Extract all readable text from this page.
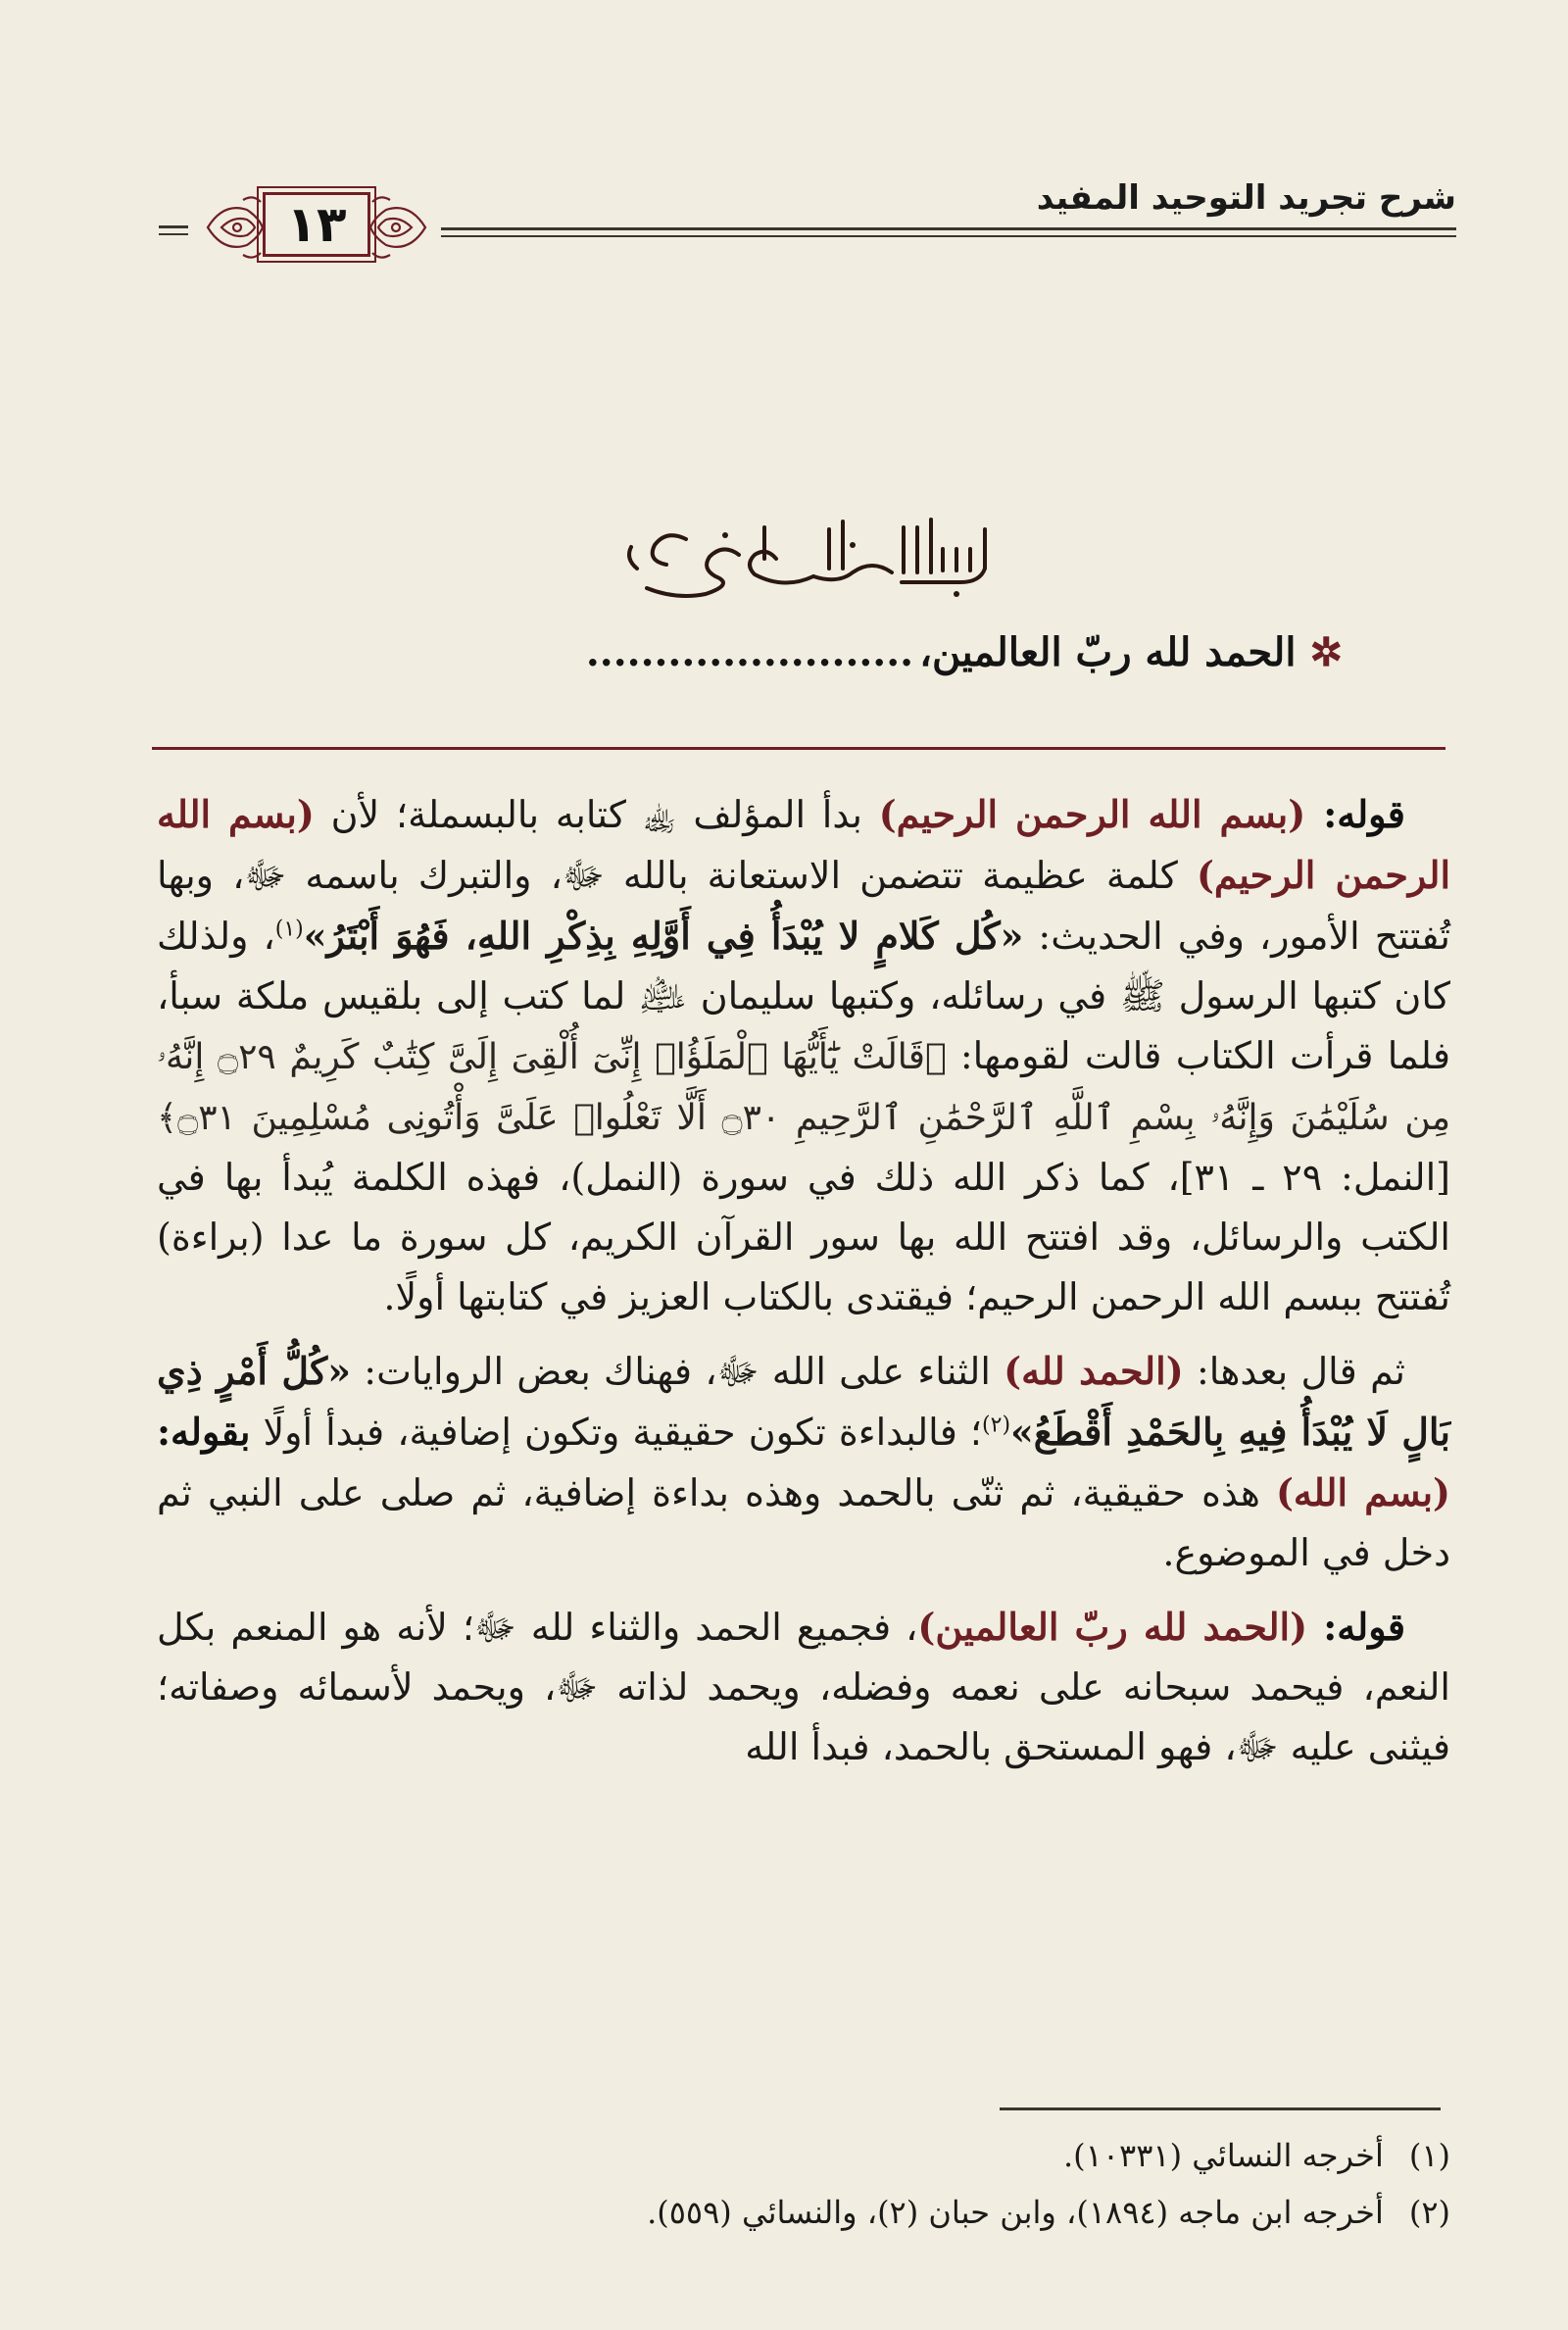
شرح تجريد التوحيد المفيد
١٣
✲الحمد لله ربّ العالمين،........................

قوله: (بسم الله الرحمن الرحيم) بدأ المؤلف ﵀ كتابه بالبسملة؛ لأن (بسم الله الرحمن الرحيم) كلمة عظيمة تتضمن الاستعانة بالله ﷻ، والتبرك باسمه ﷻ، وبها تُفتتح الأمور، وفي الحديث: «كُل كَلامٍ لا يُبْدَأُ فِي أَوَّلِهِ بِذِكْرِ اللهِ، فَهُوَ أَبْتَرُ»$^{(١)}$، ولذلك كان كتبها الرسول ﷺ في رسائله، وكتبها سليمان ﵇ لما كتب إلى بلقيس ملكة سبأ، فلما قرأت الكتاب قالت لقومها: ﴿قَالَتْ يَٰٓأَيُّهَا ٱلْمَلَؤُا۟ إِنِّىٓ أُلْقِىَ إِلَىَّ كِتَٰبٌ كَرِيمٌ ۝٢٩ إِنَّهُۥ مِن سُلَيْمَٰنَ وَإِنَّهُۥ بِسْمِ ٱللَّهِ ٱلرَّحْمَٰنِ ٱلرَّحِيمِ ۝٣٠ أَلَّا تَعْلُوا۟ عَلَىَّ وَأْتُونِى مُسْلِمِينَ ۝٣١﴾ [النمل: ٢٩ ـ ٣١]، كما ذكر الله ذلك في سورة (النمل)، فهذه الكلمة يُبدأ بها في الكتب والرسائل، وقد افتتح الله بها سور القرآن الكريم، كل سورة ما عدا (براءة) تُفتتح ببسم الله الرحمن الرحيم؛ فيقتدى بالكتاب العزيز في كتابتها أولًا.

ثم قال بعدها: (الحمد لله) الثناء على الله ﷻ، فهناك بعض الروايات: «كُلُّ أَمْرٍ ذِي بَالٍ لَا يُبْدَأُ فِيهِ بِالحَمْدِ أَقْطَعُ»$^{(٢)}$؛ فالبداءة تكون حقيقية وتكون إضافية، فبدأ أولًا بقوله: (بسم الله) هذه حقيقية، ثم ثنّى بالحمد وهذه بداءة إضافية، ثم صلى على النبي ثم دخل في الموضوع.

قوله: (الحمد لله ربّ العالمين)، فجميع الحمد والثناء لله ﷻ؛ لأنه هو المنعم بكل النعم، فيحمد سبحانه على نعمه وفضله، ويحمد لذاته ﷻ، ويحمد لأسمائه وصفاته؛ فيثنى عليه ﷻ، فهو المستحق بالحمد، فبدأ الله

(١)أخرجه النسائي (١٠٣٣١).
(٢)أخرجه ابن ماجه (١٨٩٤)، وابن حبان (٢)، والنسائي (٥٥٩).
